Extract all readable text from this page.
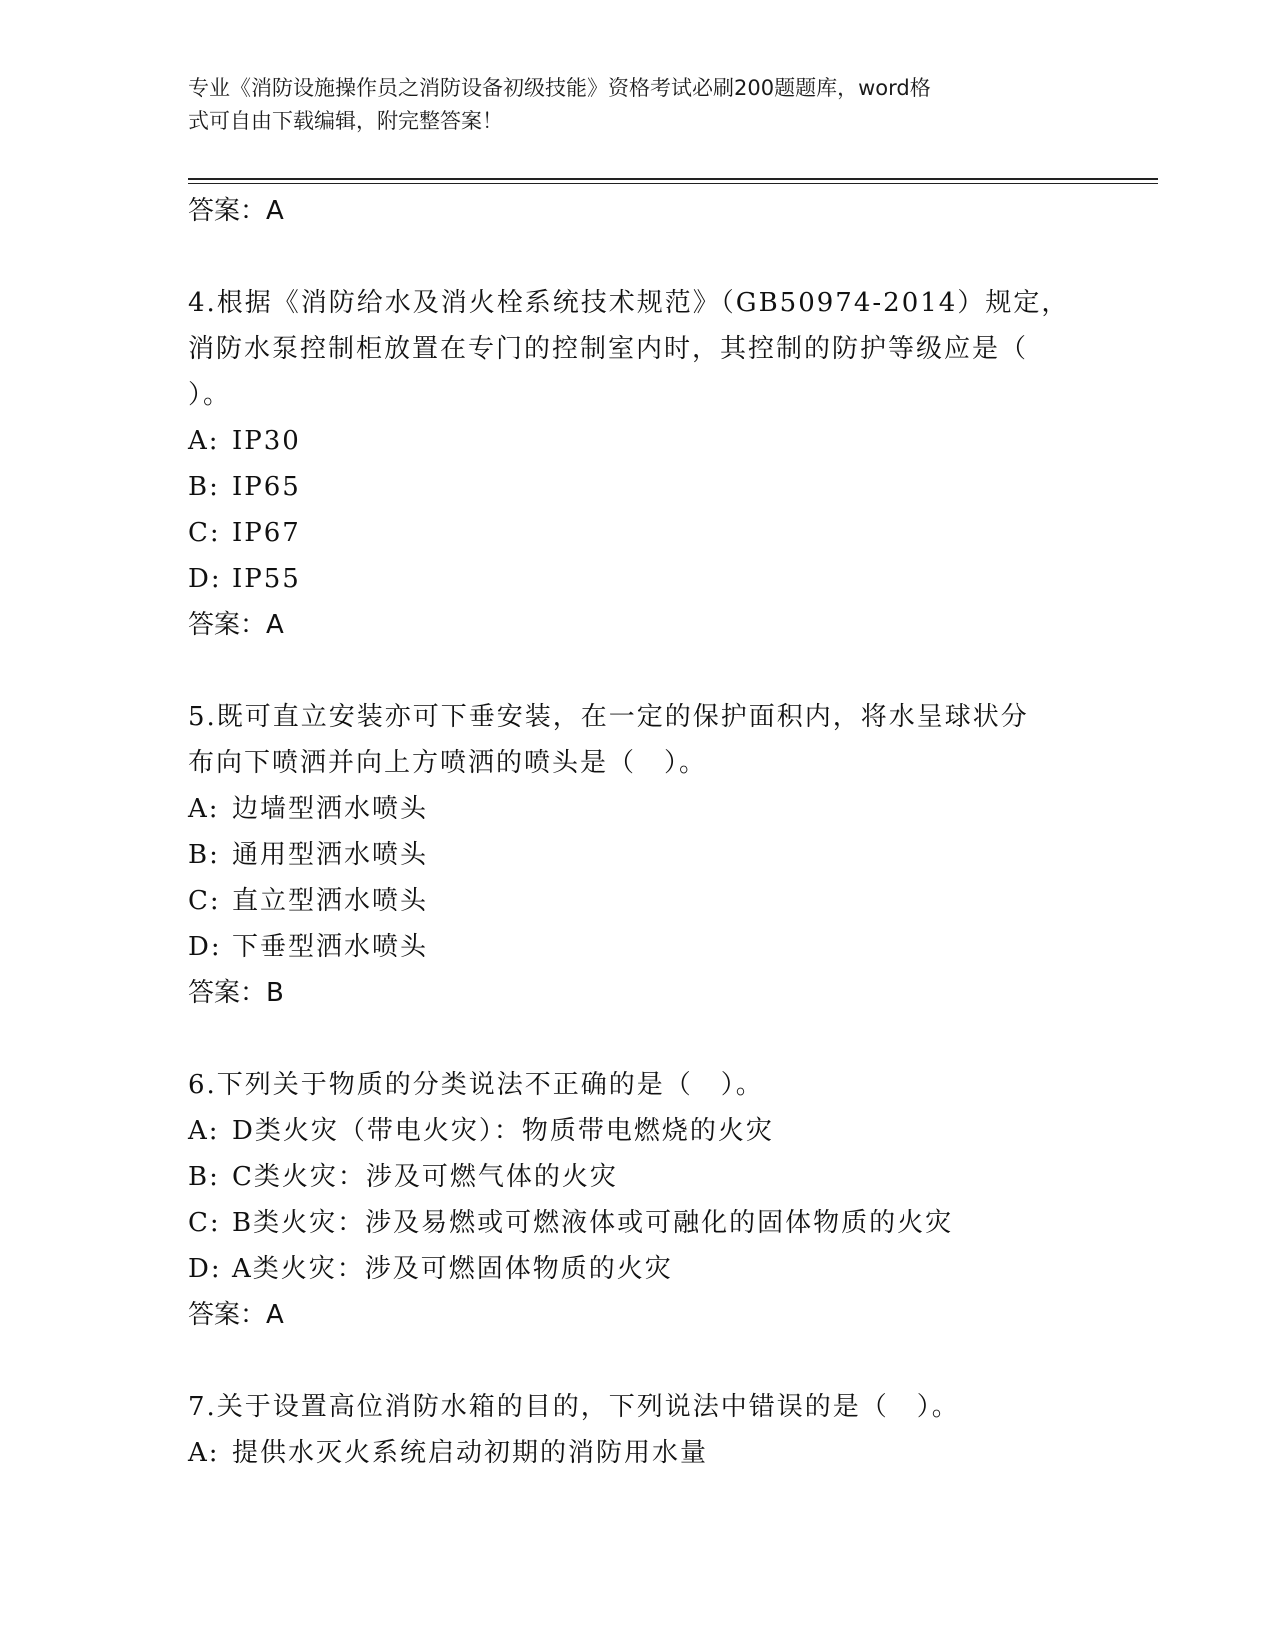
专业《消防设施操作员之消防设备初级技能》资格考试必刷200题题库，word格
式可自由下载编辑，附完整答案！
答案：A
4.根据《消防给水及消火栓系统技术规范》（GB50974-2014）规定，
消防水泵控制柜放置在专门的控制室内时，其控制的防护等级应是（
）。
A: IP30
B: IP65
C: IP67
D: IP55
答案：A
5.既可直立安装亦可下垂安装，在一定的保护面积内，将水呈球状分
布向下喷洒并向上方喷洒的喷头是（　）。
A: 边墙型洒水喷头
B: 通用型洒水喷头
C: 直立型洒水喷头
D: 下垂型洒水喷头
答案：B
6.下列关于物质的分类说法不正确的是（　）。
A: D类火灾（带电火灾）：物质带电燃烧的火灾
B: C类火灾：涉及可燃气体的火灾
C: B类火灾：涉及易燃或可燃液体或可融化的固体物质的火灾
D: A类火灾：涉及可燃固体物质的火灾
答案：A
7.关于设置高位消防水箱的目的，下列说法中错误的是（　）。
A: 提供水灭火系统启动初期的消防用水量
